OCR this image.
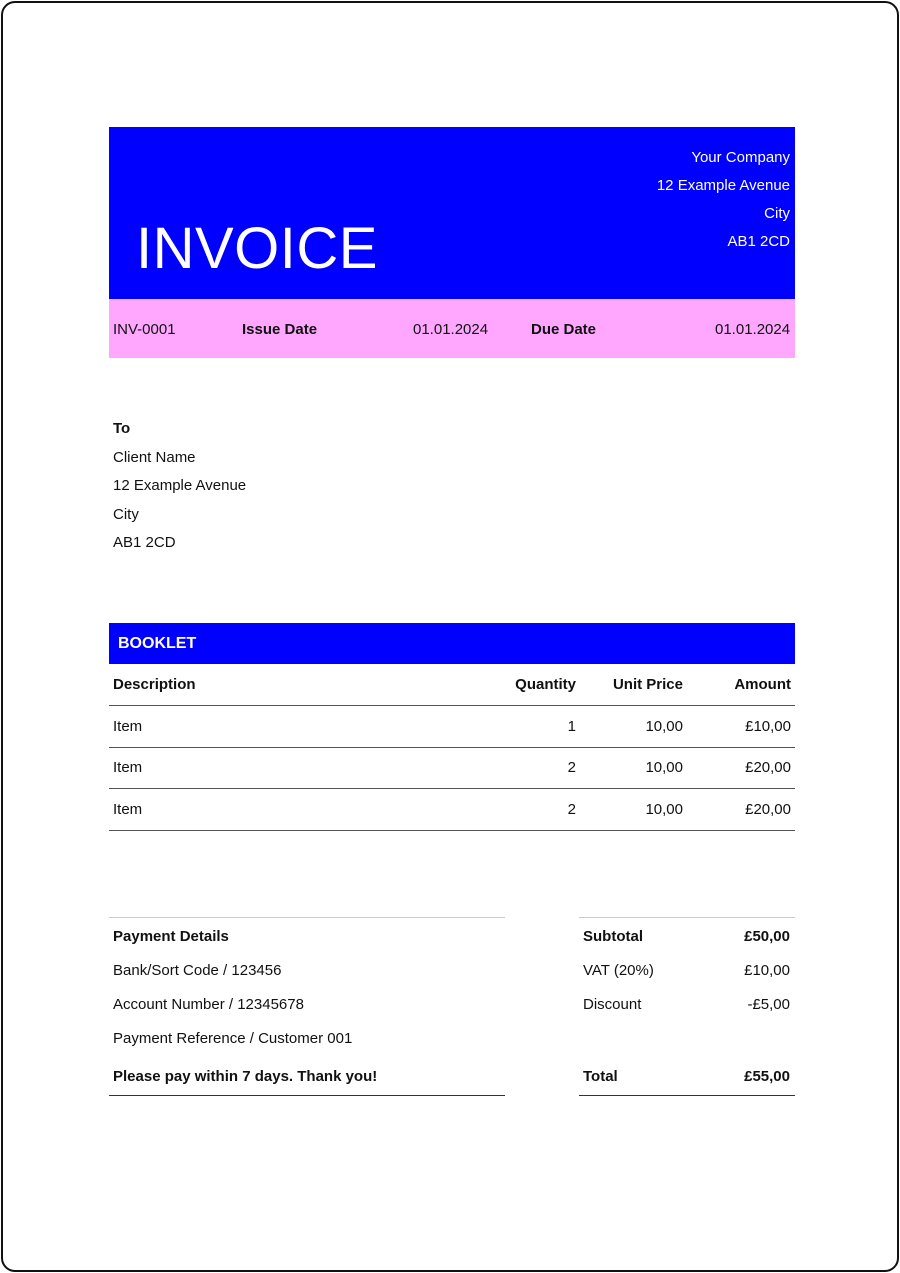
INVOICE
Your Company
12 Example Avenue
City
AB1 2CD
INV-0001	Issue Date	01.01.2024	Due Date	01.01.2024
To
Client Name
12 Example Avenue
City
AB1 2CD
BOOKLET
Description	Quantity	Unit Price	Amount
Item	1	10,00	£10,00
Item	2	10,00	£20,00
Item	2	10,00	£20,00
Payment Details
Bank/Sort Code / 123456
Account Number / 12345678
Payment Reference / Customer 001
Please pay within 7 days. Thank you!
Subtotal	£50,00
VAT (20%)	£10,00
Discount	-£5,00
Total	£55,00
